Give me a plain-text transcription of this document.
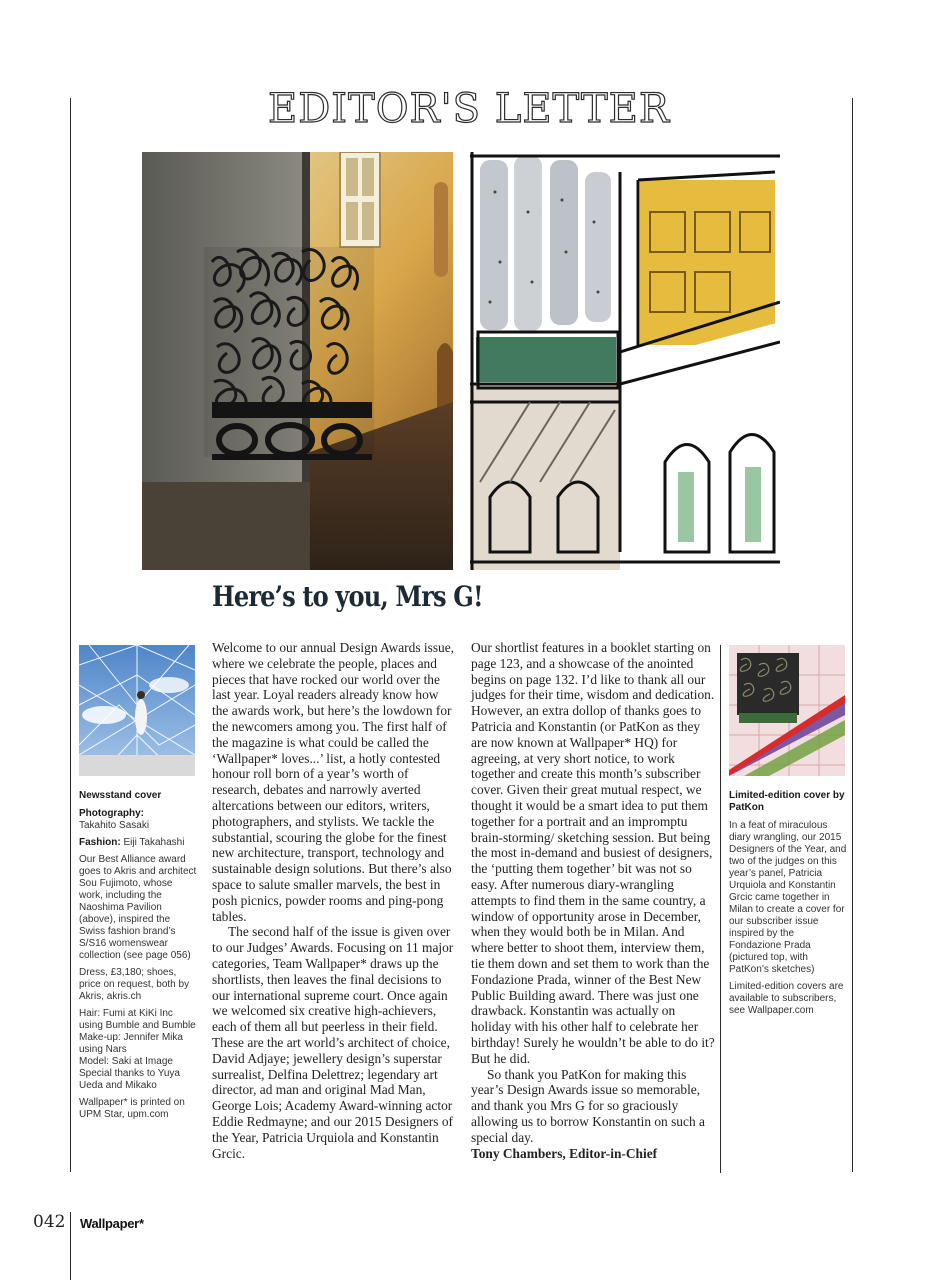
EDITOR'S LETTER
Here’s to you, Mrs G!

Welcome to our annual Design Awards issue, where we celebrate the people, places and pieces that have rocked our world over the last year. Loyal readers already know how the awards work, but here’s the lowdown for the newcomers among you. The first half of the magazine is what could be called the ‘Wallpaper* loves...’ list, a hotly contested honour roll born of a year’s worth of research, debates and narrowly averted altercations between our editors, writers, photographers, and stylists. We tackle the substantial, scouring the globe for the finest new architecture, transport, technology and sustainable design solutions. But there’s also space to salute smaller marvels, the best in posh picnics, powder rooms and ping-pong tables.

The second half of the issue is given over to our Judges’ Awards. Focusing on 11 major categories, Team Wallpaper* draws up the shortlists, then leaves the final decisions to our international supreme court. Once again we welcomed six creative high-achievers, each of them all but peerless in their field. These are the art world’s architect of choice, David Adjaye; jewellery design’s superstar surrealist, Delfina Delettrez; legendary art director, ad man and original Mad Man, George Lois; Academy Award-winning actor Eddie Redmayne; and our 2015 Designers of the Year, Patricia Urquiola and Konstantin Grcic.

Our shortlist features in a booklet starting on page 123, and a showcase of the anointed begins on page 132. I’d like to thank all our judges for their time, wisdom and dedication. However, an extra dollop of thanks goes to Patricia and Konstantin (or PatKon as they are now known at Wallpaper* HQ) for agreeing, at very short notice, to work together and create this month’s subscriber cover. Given their great mutual respect, we thought it would be a smart idea to put them together for a portrait and an impromptu brain-storming/ sketching session. But being the most in-demand and busiest of designers, the ‘putting them together’ bit was not so easy. After numerous diary-wrangling attempts to find them in the same country, a window of opportunity arose in December, when they would both be in Milan. And where better to shoot them, interview them, tie them down and set them to work than the Fondazione Prada, winner of the Best New Public Building award. There was just one drawback. Konstantin was actually on holiday with his other half to celebrate her birthday! Surely he wouldn’t be able to do it? But he did.

So thank you PatKon for making this year’s Design Awards issue so memorable, and thank you Mrs G for so graciously allowing us to borrow Konstantin on such a special day.

Tony Chambers, Editor-in-Chief

Newsstand cover

Photography:
Takahito Sasaki

Fashion: Eiji Takahashi

Our Best Alliance award goes to Akris and architect Sou Fujimoto, whose work, including the Naoshima Pavilion (above), inspired the Swiss fashion brand’s S/S16 womenswear collection (see page 056)

Dress, £3,180; shoes, price on request, both by Akris, akris.ch

Hair: Fumi at KiKi Inc using Bumble and Bumble
Make-up: Jennifer Mika using Nars
Model: Saki at Image
Special thanks to Yuya Ueda and Mikako

Wallpaper* is printed on UPM Star, upm.com

Limited-edition cover by PatKon

In a feat of miraculous diary wrangling, our 2015 Designers of the Year, and two of the judges on this year’s panel, Patricia Urquiola and Konstantin Grcic came together in Milan to create a cover for our subscriber issue inspired by the Fondazione Prada (pictured top, with PatKon’s sketches)

Limited-edition covers are available to subscribers, see Wallpaper.com

042 Wallpaper*
